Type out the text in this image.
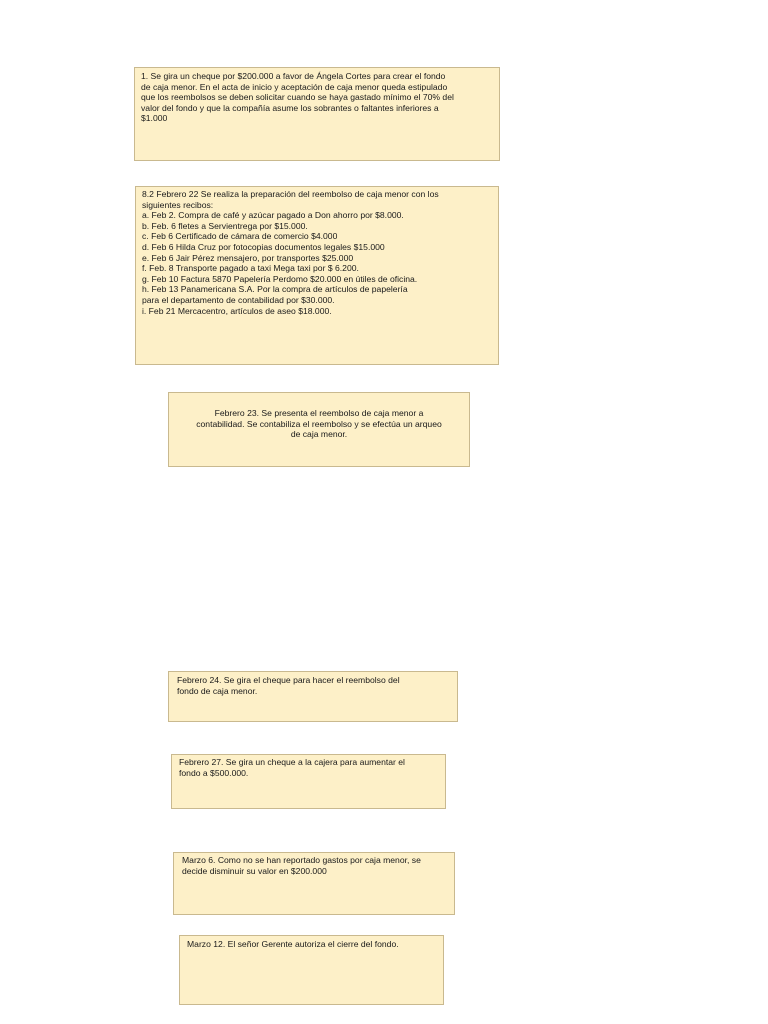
1. Se gira un cheque por $200.000 a favor de Ángela Cortes para crear el fondo
de caja menor. En el acta de inicio y aceptación de caja menor queda estipulado
que los reembolsos se deben solicitar cuando se haya gastado mínimo el 70% del
valor del fondo y que la compañía asume los sobrantes o faltantes inferiores a
$1.000
8.2 Febrero 22 Se realiza la preparación del reembolso de caja menor con los
siguientes recibos:
a. Feb 2. Compra de café y azúcar pagado a Don ahorro por $8.000.
b. Feb. 6 fletes a Servientrega por $15.000.
c. Feb 6 Certificado de cámara de comercio $4.000
d. Feb 6 Hilda Cruz por fotocopias documentos legales $15.000
e. Feb 6 Jair Pérez mensajero, por transportes $25.000
f. Feb. 8 Transporte pagado a taxi Mega taxi por $ 6.200.
g. Feb 10 Factura 5870 Papelería Perdomo $20.000 en útiles de oficina.
h. Feb 13 Panamericana S.A. Por la compra de artículos de papelería
para el departamento de contabilidad por $30.000.
i. Feb 21 Mercacentro, artículos de aseo $18.000.
Febrero 23. Se presenta el reembolso de caja menor a
contabilidad. Se contabiliza el reembolso y se efectúa un arqueo
de caja menor.
Febrero 24. Se gira el cheque para hacer el reembolso del
fondo de caja menor.
Febrero 27. Se gira un cheque a la cajera para aumentar el
fondo a $500.000.
Marzo 6. Como no se han reportado gastos por caja menor, se
decide disminuir su valor en $200.000
Marzo 12. El señor Gerente autoriza el cierre del fondo.
